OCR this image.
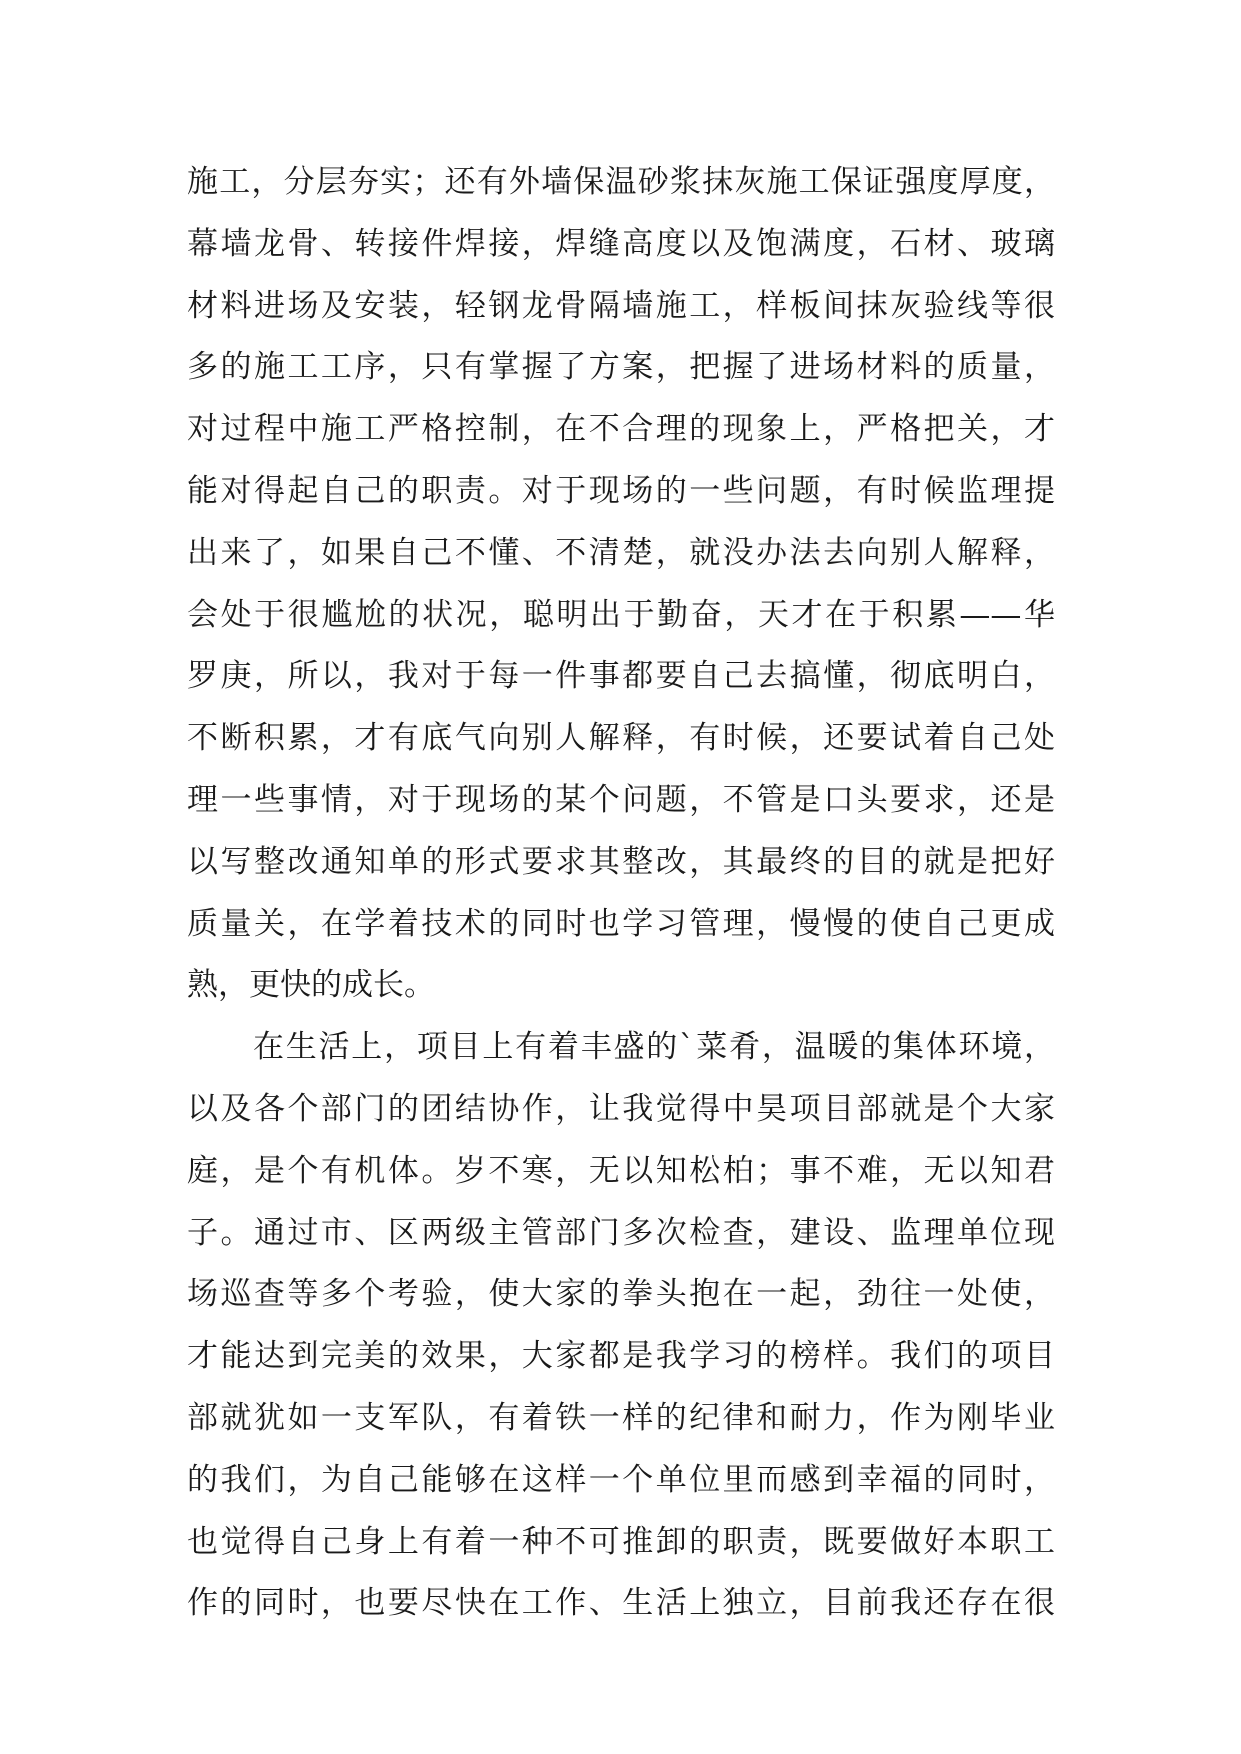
施工，分层夯实；还有外墙保温砂浆抹灰施工保证强度厚度，
幕墙龙骨、转接件焊接，焊缝高度以及饱满度，石材、玻璃
材料进场及安装，轻钢龙骨隔墙施工，样板间抹灰验线等很
多的施工工序，只有掌握了方案，把握了进场材料的质量，
对过程中施工严格控制，在不合理的现象上，严格把关，才
能对得起自己的职责。对于现场的一些问题，有时候监理提
出来了，如果自己不懂、不清楚，就没办法去向别人解释，
会处于很尴尬的状况，聪明出于勤奋，天才在于积累——华
罗庚，所以，我对于每一件事都要自己去搞懂，彻底明白，
不断积累，才有底气向别人解释，有时候，还要试着自己处
理一些事情，对于现场的某个问题，不管是口头要求，还是
以写整改通知单的形式要求其整改，其最终的目的就是把好
质量关，在学着技术的同时也学习管理，慢慢的使自己更成
熟，更快的成长。
在生活上，项目上有着丰盛的`菜肴，温暖的集体环境，
以及各个部门的团结协作，让我觉得中昊项目部就是个大家
庭，是个有机体。岁不寒，无以知松柏；事不难，无以知君
子。通过市、区两级主管部门多次检查，建设、监理单位现
场巡查等多个考验，使大家的拳头抱在一起，劲往一处使，
才能达到完美的效果，大家都是我学习的榜样。我们的项目
部就犹如一支军队，有着铁一样的纪律和耐力，作为刚毕业
的我们，为自己能够在这样一个单位里而感到幸福的同时，
也觉得自己身上有着一种不可推卸的职责，既要做好本职工
作的同时，也要尽快在工作、生活上独立，目前我还存在很
